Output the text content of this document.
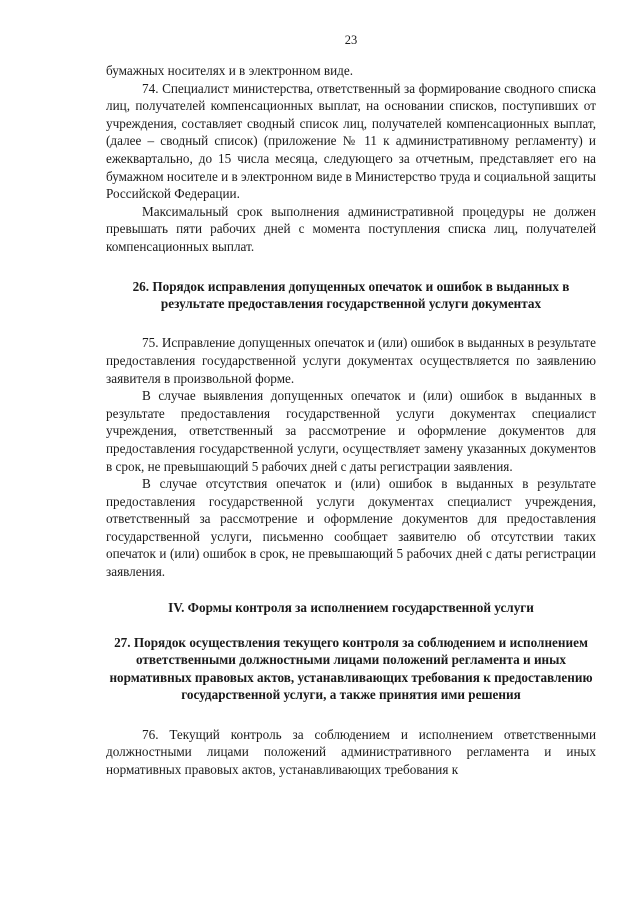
23

бумажных носителях и в электронном виде.

74. Специалист министерства, ответственный за формирование сводного списка лиц, получателей компенсационных выплат, на основании списков, поступивших от учреждения, составляет сводный список лиц, получателей компенсационных выплат, (далее – сводный список) (приложение № 11 к административному регламенту) и ежеквартально, до 15 числа месяца, следующего за отчетным, представляет его на бумажном носителе и в электронном виде в Министерство труда и социальной защиты Российской Федерации.

Максимальный срок выполнения административной процедуры не должен превышать пяти рабочих дней с момента поступления списка лиц, получателей компенсационных выплат.

26. Порядок исправления допущенных опечаток и ошибок в выданных в результате предоставления государственной услуги документах

75. Исправление допущенных опечаток и (или) ошибок в выданных в результате предоставления государственной услуги документах осуществляется по заявлению заявителя в произвольной форме.

В случае выявления допущенных опечаток и (или) ошибок в выданных в результате предоставления государственной услуги документах специалист учреждения, ответственный за рассмотрение и оформление документов для предоставления государственной услуги, осуществляет замену указанных документов в срок, не превышающий 5 рабочих дней с даты регистрации заявления.

В случае отсутствия опечаток и (или) ошибок в выданных в результате предоставления государственной услуги документах специалист учреждения, ответственный за рассмотрение и оформление документов для предоставления государственной услуги, письменно сообщает заявителю об отсутствии таких опечаток и (или) ошибок в срок, не превышающий 5 рабочих дней с даты регистрации заявления.

IV. Формы контроля за исполнением государственной услуги
27. Порядок осуществления текущего контроля за соблюдением и исполнением ответственными должностными лицами положений регламента и иных нормативных правовых актов, устанавливающих требования к предоставлению государственной услуги, а также принятия ими решения

76. Текущий контроль за соблюдением и исполнением ответственными должностными лицами положений административного регламента и иных нормативных правовых актов, устанавливающих требования к
